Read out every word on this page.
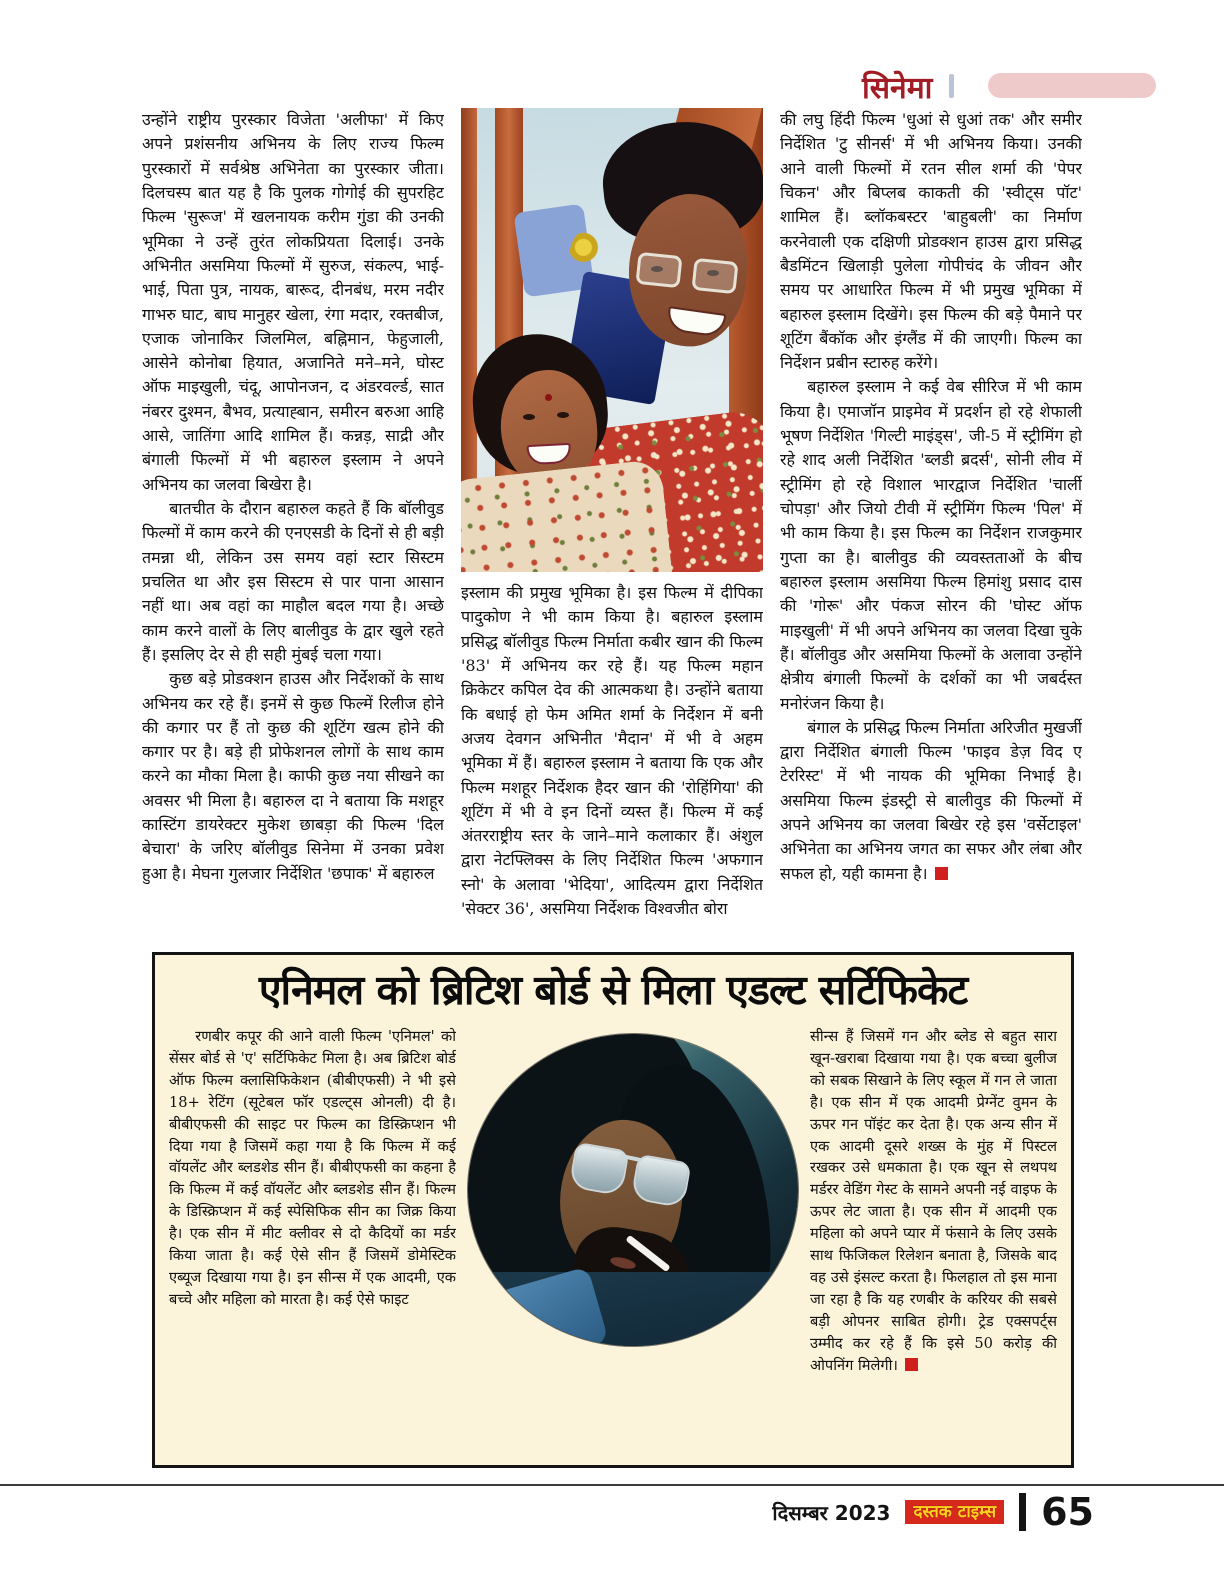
सिनेमा

उन्होंने राष्ट्रीय पुरस्कार विजेता 'अलीफा' में किए अपने प्रशंसनीय अभिनय के लिए राज्य फिल्म पुरस्कारों में सर्वश्रेष्ठ अभिनेता का पुरस्कार जीता। दिलचस्प बात यह है कि पुलक गोगोई की सुपरहिट फिल्म 'सुरूज' में खलनायक करीम गुंडा की उनकी भूमिका ने उन्हें तुरंत लोकप्रियता दिलाई। उनके अभिनीत असमिया फिल्मों में सुरुज, संकल्प, भाई-भाई, पिता पुत्र, नायक, बारूद, दीनबंध, मरम नदीर गाभरु घाट, बाघ मानुहर खेला, रंगा मदार, रक्तबीज, एजाक जोनाकिर जिलमिल, बह्निमान, फेहुजाली, आसेने कोनोबा हियात, अजानिते मने–मने, घोस्ट ऑफ माइखुली, चंदू, आपोनजन, द अंडरवर्ल्ड, सात नंबरर दुश्मन, बैभव, प्रत्याह्बान, समीरन बरुआ आहि आसे, जातिंगा आदि शामिल हैं। कन्नड़, साद्री और बंगाली फिल्मों में भी बहारुल इस्लाम ने अपने अभिनय का जलवा बिखेरा है।

बातचीत के दौरान बहारुल कहते हैं कि बॉलीवुड फिल्मों में काम करने की एनएसडी के दिनों से ही बड़ी तमन्ना थी, लेकिन उस समय वहां स्टार सिस्टम प्रचलित था और इस सिस्टम से पार पाना आसान नहीं था। अब वहां का माहौल बदल गया है। अच्छे काम करने वालों के लिए बालीवुड के द्वार खुले रहते हैं। इसलिए देर से ही सही मुंबई चला गया।

कुछ बड़े प्रोडक्शन हाउस और निर्देशकों के साथ अभिनय कर रहे हैं। इनमें से कुछ फिल्में रिलीज होने की कगार पर हैं तो कुछ की शूटिंग खत्म होने की कगार पर है। बड़े ही प्रोफेशनल लोगों के साथ काम करने का मौका मिला है। काफी कुछ नया सीखने का अवसर भी मिला है। बहारुल दा ने बताया कि मशहूर कास्टिंग डायरेक्टर मुकेश छाबड़ा की फिल्म 'दिल बेचारा' के जरिए बॉलीवुड सिनेमा में उनका प्रवेश हुआ है। मेघना गुलजार निर्देशित 'छपाक' में बहारुल

इस्लाम की प्रमुख भूमिका है। इस फिल्म में दीपिका पादुकोण ने भी काम किया है। बहारुल इस्लाम प्रसिद्ध बॉलीवुड फिल्म निर्माता कबीर खान की फिल्म '83' में अभिनय कर रहे हैं। यह फिल्म महान क्रिकेटर कपिल देव की आत्मकथा है। उन्होंने बताया कि बधाई हो फेम अमित शर्मा के निर्देशन में बनी अजय देवगन अभिनीत 'मैदान' में भी वे अहम भूमिका में हैं। बहारुल इस्लाम ने बताया कि एक और फिल्म मशहूर निर्देशक हैदर खान की 'रोहिंगिया' की शूटिंग में भी वे इन दिनों व्यस्त हैं। फिल्म में कई अंतरराष्ट्रीय स्तर के जाने–माने कलाकार हैं। अंशुल द्वारा नेटफ्लिक्स के लिए निर्देशित फिल्म 'अफगान स्नो' के अलावा 'भेदिया', आदित्यम द्वारा निर्देशित 'सेक्टर 36', असमिया निर्देशक विश्वजीत बोरा

की लघु हिंदी फिल्म 'धुआं से धुआं तक' और समीर निर्देशित 'टु सीनर्स' में भी अभिनय किया। उनकी आने वाली फिल्मों में रतन सील शर्मा की 'पेपर चिकन' और बिप्लब काकती की 'स्वीट्स पॉट' शामिल हैं। ब्लॉकबस्टर 'बाहुबली' का निर्माण करनेवाली एक दक्षिणी प्रोडक्शन हाउस द्वारा प्रसिद्ध बैडमिंटन खिलाड़ी पुलेला गोपीचंद के जीवन और समय पर आधारित फिल्म में भी प्रमुख भूमिका में बहारुल इस्लाम दिखेंगे। इस फिल्म की बड़े पैमाने पर शूटिंग बैंकॉक और इंग्लैंड में की जाएगी। फिल्म का निर्देशन प्रबीन स्टारुह करेंगे।

बहारुल इस्लाम ने कई वेब सीरिज में भी काम किया है। एमाजॉन प्राइमेव में प्रदर्शन हो रहे शेफाली भूषण निर्देशित 'गिल्टी माइंड्स', जी-5 में स्ट्रीमिंग हो रहे शाद अली निर्देशित 'ब्लडी ब्रदर्स', सोनी लीव में स्ट्रीमिंग हो रहे विशाल भारद्वाज निर्देशित 'चार्ली चोपड़ा' और जियो टीवी में स्ट्रीमिंग फिल्म 'पिल' में भी काम किया है। इस फिल्म का निर्देशन राजकुमार गुप्ता का है। बालीवुड की व्यवस्तताओं के बीच बहारुल इस्लाम असमिया फिल्म हिमांशु प्रसाद दास की 'गोरू' और पंकज सोरन की 'घोस्ट ऑफ माइखुली' में भी अपने अभिनय का जलवा दिखा चुके हैं। बॉलीवुड और असमिया फिल्मों के अलावा उन्होंने क्षेत्रीय बंगाली फिल्मों के दर्शकों का भी जबर्दस्त मनोरंजन किया है।

बंगाल के प्रसिद्ध फिल्म निर्माता अरिजीत मुखर्जी द्वारा निर्देशित बंगाली फिल्म 'फाइव डेज़ विद ए टेररिस्ट' में भी नायक की भूमिका निभाई है। असमिया फिल्म इंडस्ट्री से बालीवुड की फिल्मों में अपने अभिनय का जलवा बिखेर रहे इस 'वर्सेटाइल' अभिनेता का अभिनय जगत का सफर और लंबा और सफल हो, यही कामना है।

एनिमल को ब्रिटिश बोर्ड से मिला एडल्ट सर्टिफिकेट

रणबीर कपूर की आने वाली फिल्म 'एनिमल' को सेंसर बोर्ड से 'ए' सर्टिफिकेट मिला है। अब ब्रिटिश बोर्ड ऑफ फिल्म क्लासिफिकेशन (बीबीएफसी) ने भी इसे 18+ रेटिंग (सूटेबल फॉर एडल्ट्स ओनली) दी है। बीबीएफसी की साइट पर फिल्म का डिस्क्रिप्शन भी दिया गया है जिसमें कहा गया है कि फिल्म में कई वॉयलेंट और ब्लडशेड सीन हैं। बीबीएफसी का कहना है कि फिल्म में कई वॉयलेंट और ब्लडशेड सीन हैं। फिल्म के डिस्क्रिप्शन में कई स्पेसिफिक सीन का जिक्र किया है। एक सीन में मीट क्लीवर से दो कैदियों का मर्डर किया जाता है। कई ऐसे सीन हैं जिसमें डोमेस्टिक एब्यूज दिखाया गया है। इन सीन्स में एक आदमी, एक बच्चे और महिला को मारता है। कई ऐसे फाइट

सीन्स हैं जिसमें गन और ब्लेड से बहुत सारा खून-खराबा दिखाया गया है। एक बच्चा बुलीज को सबक सिखाने के लिए स्कूल में गन ले जाता है। एक सीन में एक आदमी प्रेग्नेंट वुमन के ऊपर गन पॉइंट कर देता है। एक अन्य सीन में एक आदमी दूसरे शख्स के मुंह में पिस्टल रखकर उसे धमकाता है। एक खून से लथपथ मर्डरर वेडिंग गेस्ट के सामने अपनी नई वाइफ के ऊपर लेट जाता है। एक सीन में आदमी एक महिला को अपने प्यार में फंसाने के लिए उसके साथ फिजिकल रिलेशन बनाता है, जिसके बाद वह उसे इंसल्ट करता है। फिलहाल तो इस माना जा रहा है कि यह रणबीर के करियर की सबसे बड़ी ओपनर साबित होगी। ट्रेड एक्सपर्ट्स उम्मीद कर रहे हैं कि इसे 50 करोड़ की ओपनिंग मिलेगी।

दिसम्बर 2023	दस्तक टाइम्स 65
